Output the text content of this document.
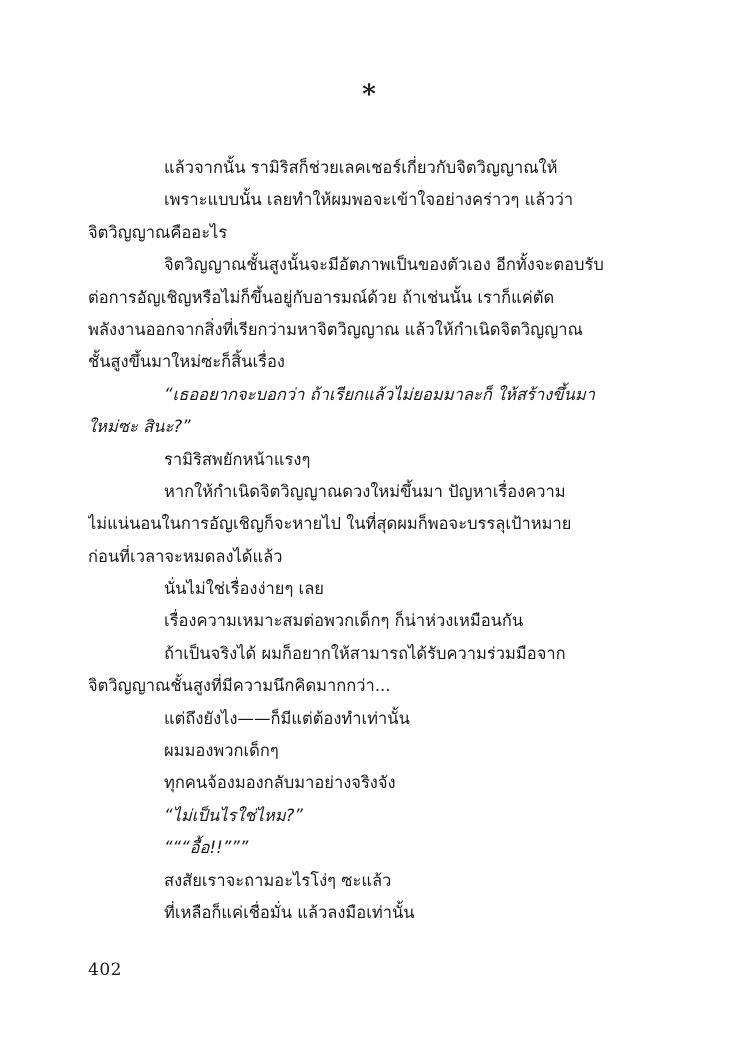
*
แล้วจากนั้น รามิริสก็ช่วยเลคเชอร์เกี่ยวกับจิตวิญญาณให้
เพราะแบบนั้น เลยทำให้ผมพอจะเข้าใจอย่างคร่าวๆ แล้วว่า
จิตวิญญาณคืออะไร
จิตวิญญาณชั้นสูงนั้นจะมีอัตภาพเป็นของตัวเอง อีกทั้งจะตอบรับ
ต่อการอัญเชิญหรือไม่ก็ขึ้นอยู่กับอารมณ์ด้วย ถ้าเช่นนั้น เราก็แค่ตัด
พลังงานออกจากสิ่งที่เรียกว่ามหาจิตวิญญาณ แล้วให้กำเนิดจิตวิญญาณ
ชั้นสูงขึ้นมาใหม่ซะก็สิ้นเรื่อง
“เธออยากจะบอกว่า ถ้าเรียกแล้วไม่ยอมมาละก็ ให้สร้างขึ้นมา
ใหม่ซะ สินะ?”
รามิริสพยักหน้าแรงๆ
หากให้กำเนิดจิตวิญญาณดวงใหม่ขึ้นมา ปัญหาเรื่องความ
ไม่แน่นอนในการอัญเชิญก็จะหายไป ในที่สุดผมก็พอจะบรรลุเป้าหมาย
ก่อนที่เวลาจะหมดลงได้แล้ว
นั่นไม่ใช่เรื่องง่ายๆ เลย
เรื่องความเหมาะสมต่อพวกเด็กๆ ก็น่าห่วงเหมือนกัน
ถ้าเป็นจริงได้ ผมก็อยากให้สามารถได้รับความร่วมมือจาก
จิตวิญญาณชั้นสูงที่มีความนึกคิดมากกว่า...
แต่ถึงยังไง——ก็มีแต่ต้องทำเท่านั้น
ผมมองพวกเด็กๆ
ทุกคนจ้องมองกลับมาอย่างจริงจัง
“ไม่เป็นไรใช่ไหม?”
“““อื้อ!!”””
สงสัยเราจะถามอะไรโง่ๆ ซะแล้ว
ที่เหลือก็แค่เชื่อมั่น แล้วลงมือเท่านั้น
402
